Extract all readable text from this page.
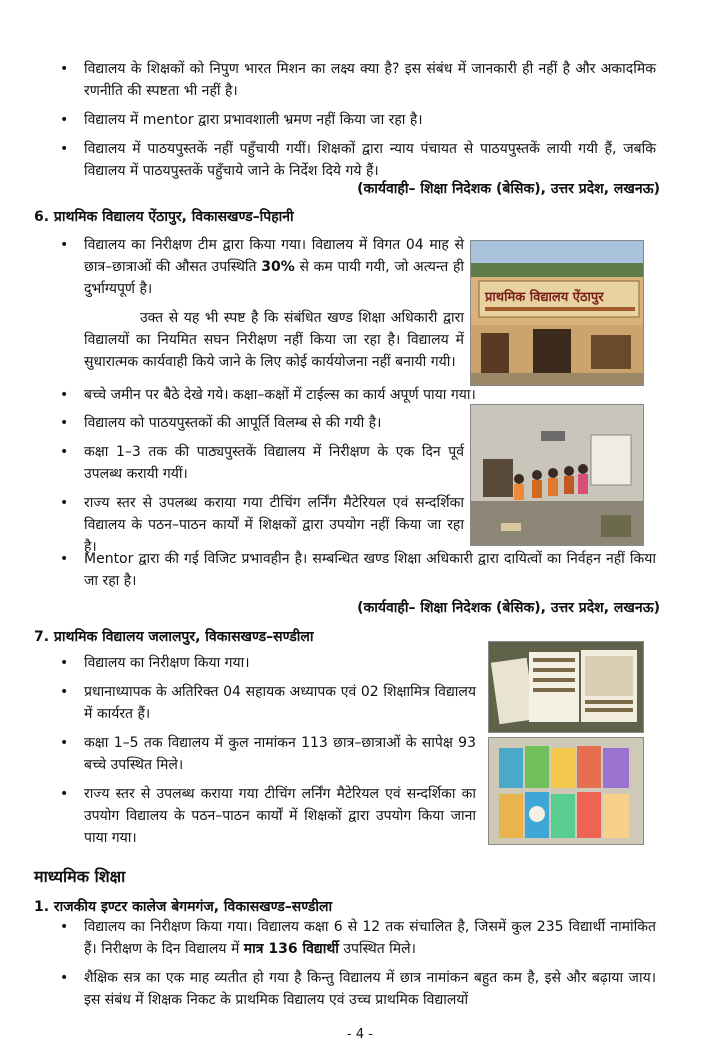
• विद्यालय के शिक्षकों को निपुण भारत मिशन का लक्ष्य क्या है? इस संबंध में जानकारी ही नहीं है और अकादमिक रणनीति की स्पष्टता भी नहीं है।
• विद्यालय में mentor द्वारा प्रभावशाली भ्रमण नहीं किया जा रहा है।
• विद्यालय में पाठयपुस्तकें नहीं पहुँचायी गयीं। शिक्षकों द्वारा न्याय पंचायत से पाठयपुस्तकें लायी गयी हैं, जबकि विद्यालय में पाठयपुस्तकें पहुँचाये जाने के निर्देश दिये गये हैं।
(कार्यवाही– शिक्षा निदेशक (बेसिक), उत्तर प्रदेश, लखनऊ)
6. प्राथमिक विद्यालय ऐंठापुर, विकासखण्ड–पिहानी
• विद्यालय का निरीक्षण टीम द्वारा किया गया। विद्यालय में विगत 04 माह से छात्र–छात्राओं की औसत उपस्थिति 30% से कम पायी गयी, जो अत्यन्त ही दुर्भाग्यपूर्ण है।

उक्त से यह भी स्पष्ट है कि संबंधित खण्ड शिक्षा अधिकारी द्वारा विद्यालयों का नियमित सघन निरीक्षण नहीं किया जा रहा है। विद्यालय में सुधारात्मक कार्यवाही किये जाने के लिए कोई कार्ययोजना नहीं बनायी गयी।

• बच्चे जमीन पर बैठे देखे गये। कक्षा–कक्षों में टाईल्स का कार्य अपूर्ण पाया गया।
• विद्यालय को पाठयपुस्तकों की आपूर्ति विलम्ब से की गयी है।
• कक्षा 1–3 तक की पाठ्यपुस्तकें विद्यालय में निरीक्षण के एक दिन पूर्व उपलब्ध करायी गयीं।
• राज्य स्तर से उपलब्ध कराया गया टीचिंग लर्निंग मैटेरियल एवं सन्दर्शिका विद्यालय के पठन–पाठन कार्यों में शिक्षकों द्वारा उपयोग नहीं किया जा रहा है।
• Mentor द्वारा की गई विजिट प्रभावहीन है। सम्बन्धित खण्ड शिक्षा अधिकारी द्वारा दायित्वों का निर्वहन नहीं किया जा रहा है।
प्राथमिक विद्यालय ऐंठापुर
(कार्यवाही– शिक्षा निदेशक (बेसिक), उत्तर प्रदेश, लखनऊ)
7. प्राथमिक विद्यालय जलालपुर, विकासखण्ड–सण्डीला
• विद्यालय का निरीक्षण किया गया।
• प्रधानाध्यापक के अतिरिक्त 04 सहायक अध्यापक एवं 02 शिक्षामित्र विद्यालय में कार्यरत हैं।
• कक्षा 1–5 तक विद्यालय में कुल नामांकन 113 छात्र–छात्राओं के सापेक्ष 93 बच्चे उपस्थित मिले।
• राज्य स्तर से उपलब्ध कराया गया टीचिंग लर्निंग मैटेरियल एवं सन्दर्शिका का उपयोग विद्यालय के पठन–पाठन कार्यों में शिक्षकों द्वारा उपयोग किया जाना पाया गया।
माध्यमिक शिक्षा
1. राजकीय इण्टर कालेज बेगमगंज, विकासखण्ड–सण्डीला
• विद्यालय का निरीक्षण किया गया। विद्यालय कक्षा 6 से 12 तक संचालित है, जिसमें कुल 235 विद्यार्थी नामांकित हैं। निरीक्षण के दिन विद्यालय में मात्र 136 विद्यार्थी उपस्थित मिले।
• शैक्षिक सत्र का एक माह व्यतीत हो गया है किन्तु विद्यालय में छात्र नामांकन बहुत कम है, इसे और बढ़ाया जाय। इस संबंध में शिक्षक निकट के प्राथमिक विद्यालय एवं उच्च प्राथमिक विद्यालयों
- 4 -
